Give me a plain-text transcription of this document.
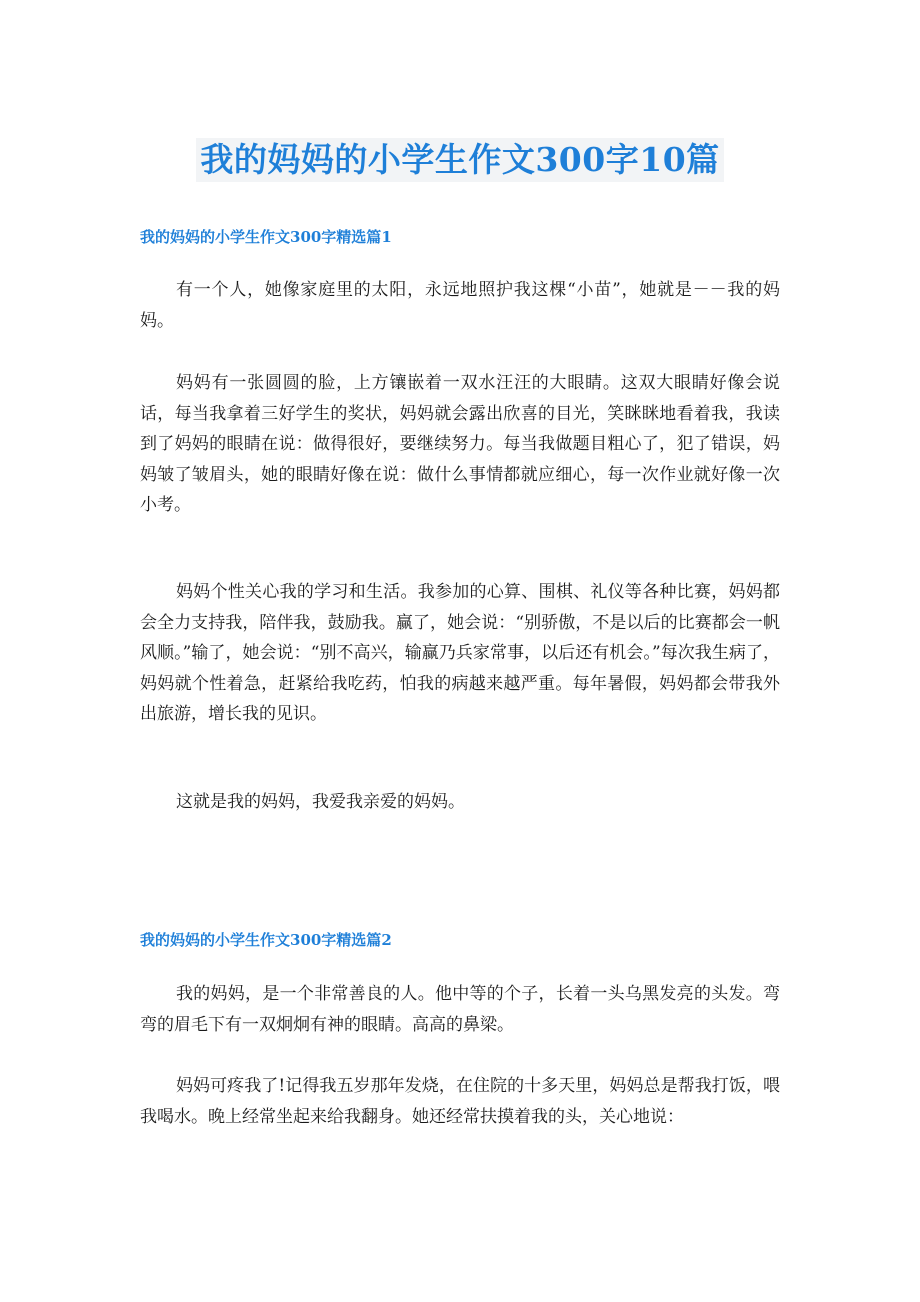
我的妈妈的小学生作文300字10篇
我的妈妈的小学生作文300字精选篇1

有一个人，她像家庭里的太阳，永远地照护我这棵“小苗”，她就是－－我的妈妈。

妈妈有一张圆圆的脸，上方镶嵌着一双水汪汪的大眼睛。这双大眼睛好像会说话，每当我拿着三好学生的奖状，妈妈就会露出欣喜的目光，笑眯眯地看着我，我读到了妈妈的眼睛在说：做得很好，要继续努力。每当我做题目粗心了，犯了错误，妈妈皱了皱眉头，她的眼睛好像在说：做什么事情都就应细心，每一次作业就好像一次小考。

妈妈个性关心我的学习和生活。我参加的心算、围棋、礼仪等各种比赛，妈妈都会全力支持我，陪伴我，鼓励我。赢了，她会说：“别骄傲，不是以后的比赛都会一帆风顺。”输了，她会说：“别不高兴，输赢乃兵家常事，以后还有机会。”每次我生病了，妈妈就个性着急，赶紧给我吃药，怕我的病越来越严重。每年暑假，妈妈都会带我外出旅游，增长我的见识。

这就是我的妈妈，我爱我亲爱的妈妈。

我的妈妈的小学生作文300字精选篇2

我的妈妈，是一个非常善良的人。他中等的个子，长着一头乌黑发亮的头发。弯弯的眉毛下有一双炯炯有神的眼睛。高高的鼻梁。

妈妈可疼我了!记得我五岁那年发烧，在住院的十多天里，妈妈总是帮我打饭，喂我喝水。晚上经常坐起来给我翻身。她还经常扶摸着我的头，关心地说：
